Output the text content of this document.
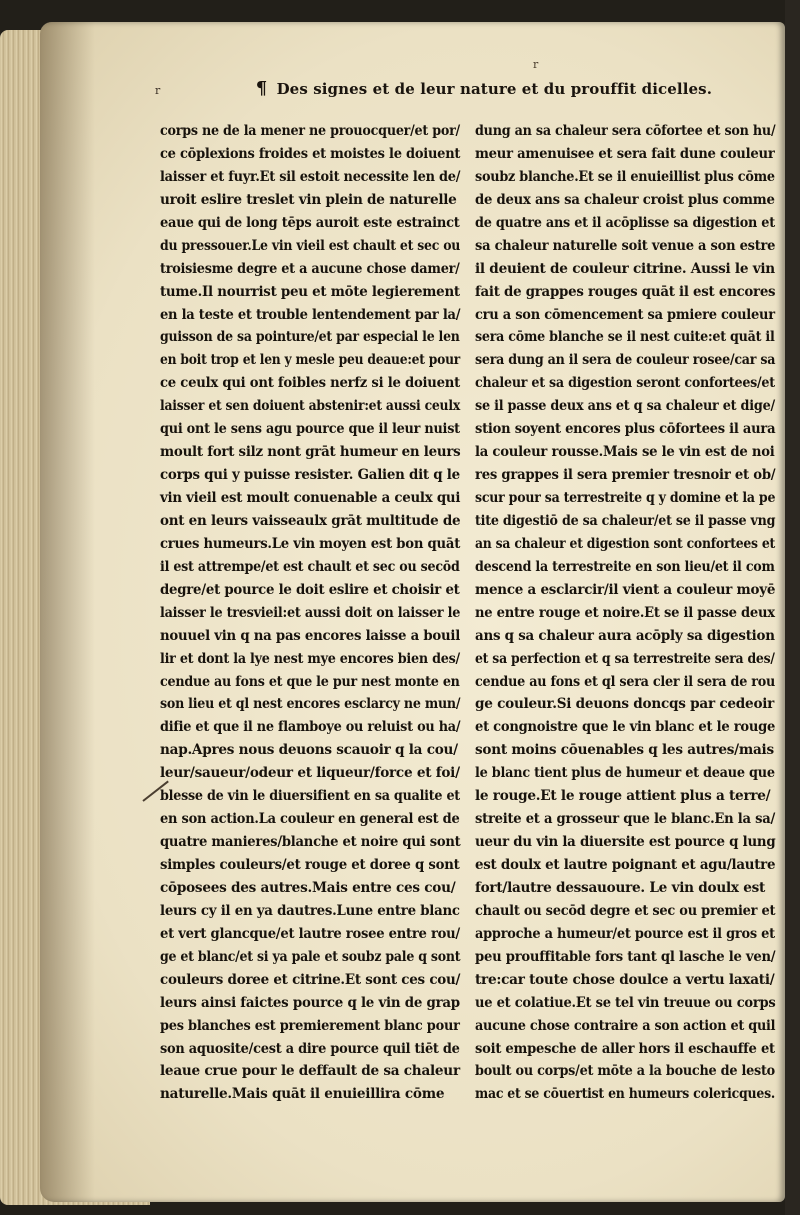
r
r	¶ Des signes et de leur nature et du prouffit dicelles.
corps ne de la mener ne prouocquer/et por/
ce cōplexions froides et moistes le doiuent
laisser et fuyr.Et sil estoit necessite len de/
uroit eslire treslet vin plein de naturelle
eaue qui de long tēps auroit este estrainct
du pressouer.Le vin vieil est chault et sec ou
troisiesme degre et a aucune chose damer/
tume.Il nourrist peu et mōte legierement
en la teste et trouble lentendement par la/
guisson de sa pointure/et par especial le len
en boit trop et len y mesle peu deaue:et pour
ce ceulx qui ont foibles nerfz si le doiuent
laisser et sen doiuent abstenir:et aussi ceulx
qui ont le sens agu pource que il leur nuist
moult fort silz nont grāt humeur en leurs
corps qui y puisse resister. Galien dit q le
vin vieil est moult conuenable a ceulx qui
ont en leurs vaisseaulx grāt multitude de
crues humeurs.Le vin moyen est bon quāt
il est attrempe/et est chault et sec ou secōd
degre/et pource le doit eslire et choisir et
laisser le tresvieil:et aussi doit on laisser le
nouuel vin q na pas encores laisse a bouil
lir et dont la lye nest mye encores bien des/
cendue au fons et que le pur nest monte en
son lieu et ql nest encores esclarcy ne mun/
difie et que il ne flamboye ou reluist ou ha/
nap.Apres nous deuons scauoir q la cou/
leur/saueur/odeur et liqueur/force et foi/
blesse de vin le diuersifient en sa qualite et
en son action.La couleur en general est de
quatre manieres/blanche et noire qui sont
simples couleurs/et rouge et doree q sont
cōposees des autres.Mais entre ces cou/
leurs cy il en ya dautres.Lune entre blanc
et vert glancque/et lautre rosee entre rou/
ge et blanc/et si ya pale et soubz pale q sont
couleurs doree et citrine.Et sont ces cou/
leurs ainsi faictes pource q le vin de grap
pes blanches est premierement blanc pour
son aquosite/cest a dire pource quil tiēt de
leaue crue pour le deffault de sa chaleur
naturelle.Mais quāt il enuieillira cōme
dung an sa chaleur sera cōfortee et son hu/
meur amenuisee et sera fait dune couleur
soubz blanche.Et se il enuieillist plus cōme
de deux ans sa chaleur croist plus comme
de quatre ans et il acōplisse sa digestion et
sa chaleur naturelle soit venue a son estre
il deuient de couleur citrine. Aussi le vin
fait de grappes rouges quāt il est encores
cru a son cōmencement sa pmiere couleur
sera cōme blanche se il nest cuite:et quāt il
sera dung an il sera de couleur rosee/car sa
chaleur et sa digestion seront confortees/et
se il passe deux ans et q sa chaleur et dige/
stion soyent encores plus cōfortees il aura
la couleur rousse.Mais se le vin est de noi
res grappes il sera premier tresnoir et ob/
scur pour sa terrestreite q y domine et la pe
tite digestiō de sa chaleur/et se il passe vng
an sa chaleur et digestion sont confortees et
descend la terrestreite en son lieu/et il com
mence a esclarcir/il vient a couleur moyē
ne entre rouge et noire.Et se il passe deux
ans q sa chaleur aura acōply sa digestion
et sa perfection et q sa terrestreite sera des/
cendue au fons et ql sera cler il sera de rou
ge couleur.Si deuons doncqs par cedeoir
et congnoistre que le vin blanc et le rouge
sont moins cōuenables q les autres/mais
le blanc tient plus de humeur et deaue que
le rouge.Et le rouge attient plus a terre/
streite et a grosseur que le blanc.En la sa/
ueur du vin la diuersite est pource q lung
est doulx et lautre poignant et agu/lautre
fort/lautre dessauoure. Le vin doulx est
chault ou secōd degre et sec ou premier et
approche a humeur/et pource est il gros et
peu prouffitable fors tant ql lasche le ven/
tre:car toute chose doulce a vertu laxati/
ue et colatiue.Et se tel vin treuue ou corps
aucune chose contraire a son action et quil
soit empesche de aller hors il eschauffe et
boult ou corps/et mōte a la bouche de lesto
mac et se cōuertist en humeurs colericques.
